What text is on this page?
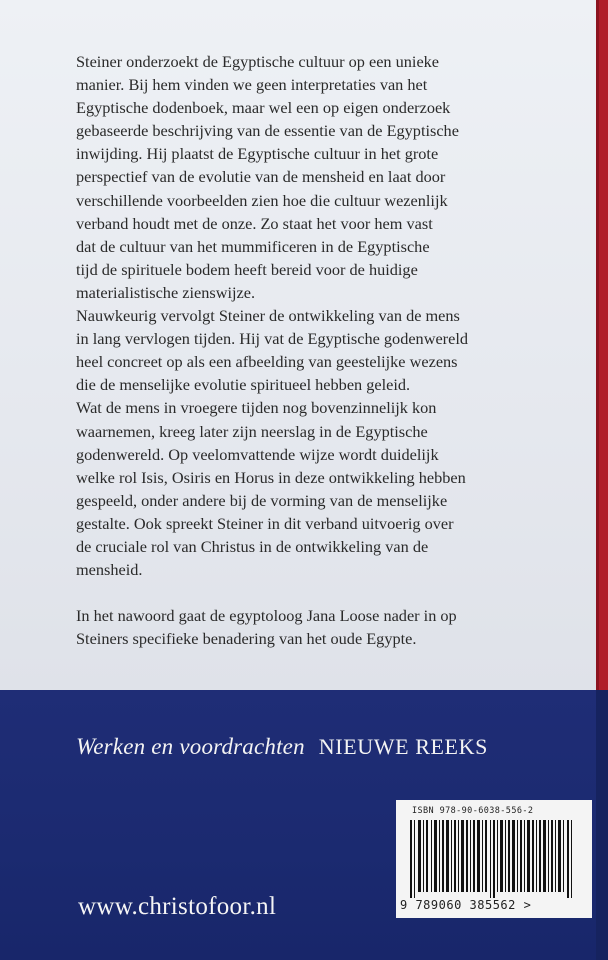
Steiner onderzoekt de Egyptische cultuur op een unieke
manier. Bij hem vinden we geen interpretaties van het
Egyptische dodenboek, maar wel een op eigen onderzoek
gebaseerde beschrijving van de essentie van de Egyptische
inwijding. Hij plaatst de Egyptische cultuur in het grote
perspectief van de evolutie van de mensheid en laat door
verschillende voorbeelden zien hoe die cultuur wezenlijk
verband houdt met de onze. Zo staat het voor hem vast
dat de cultuur van het mummificeren in de Egyptische
tijd de spirituele bodem heeft bereid voor de huidige
materialistische zienswijze.

Nauwkeurig vervolgt Steiner de ontwikkeling van de mens
in lang vervlogen tijden. Hij vat de Egyptische godenwereld
heel concreet op als een afbeelding van geestelijke wezens
die de menselijke evolutie spiritueel hebben geleid.

Wat de mens in vroegere tijden nog bovenzinnelijk kon
waarnemen, kreeg later zijn neerslag in de Egyptische
godenwereld. Op veelomvattende wijze wordt duidelijk
welke rol Isis, Osiris en Horus in deze ontwikkeling hebben
gespeeld, onder andere bij de vorming van de menselijke
gestalte. Ook spreekt Steiner in dit verband uitvoerig over
de cruciale rol van Christus in de ontwikkeling van de
mensheid.

In het nawoord gaat de egyptoloog Jana Loose nader in op
Steiners specifieke benadering van het oude Egypte.

Werken en voordrachten NIEUWE REEKS
www.christofoor.nl
ISBN 978-90-6038-556-2
9 789060 385562 >
